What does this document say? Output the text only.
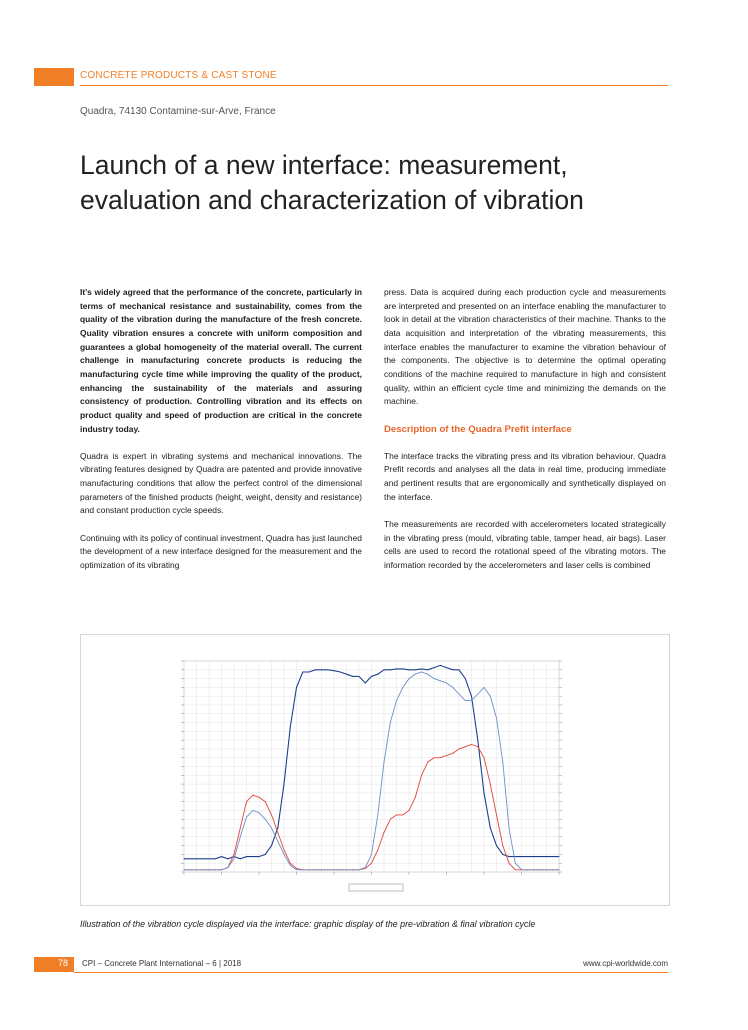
CONCRETE PRODUCTS & CAST STONE
Quadra, 74130 Contamine-sur-Arve, France
Launch of a new interface: measurement,
evaluation and characterization of vibration

It’s widely agreed that the performance of the concrete, particularly in terms of mechanical resistance and sustainability, comes from the quality of the vibration during the manufacture of the fresh concrete. Quality vibration ensures a concrete with uniform composition and guarantees a global homogeneity of the material overall. The current challenge in manufacturing concrete products is reducing the manufacturing cycle time while improving the quality of the product, enhancing the sustainability of the materials and assuring consistency of production. Controlling vibration and its effects on product quality and speed of production are critical in the concrete industry today.

Quadra is expert in vibrating systems and mechanical innovations. The vibrating features designed by Quadra are patented and provide innovative manufacturing conditions that allow the perfect control of the dimensional parameters of the finished products (height, weight, density and resistance) and constant production cycle speeds.

Continuing with its policy of continual investment, Quadra has just launched the development of a new interface designed for the measurement and the optimization of its vibrating

press. Data is acquired during each production cycle and measurements are interpreted and presented on an interface enabling the manufacturer to look in detail at the vibration characteristics of their machine. Thanks to the data acquisition and interpretation of the vibrating measurements, this interface enables the manufacturer to examine the vibration behaviour of the components. The objective is to determine the optimal operating conditions of the machine required to manufacture in high and consistent quality, within an efficient cycle time and minimizing the demands on the machine.

Description of the Quadra Prefit interface

The interface tracks the vibrating press and its vibration behaviour. Quadra Prefit records and analyses all the data in real time, producing immediate and pertinent results that are ergonomically and synthetically displayed on the interface.

The measurements are recorded with accelerometers located strategically in the vibrating press (mould, vibrating table, tamper head, air bags). Laser cells are used to record the rotational speed of the vibrating motors. The information recorded by the accelerometers and laser cells is combined

Illustration of the vibration cycle displayed via the interface: graphic display of the pre-vibration & final vibration cycle
78	CPI – Concrete Plant International – 6 | 2018	www.cpi-worldwide.com
